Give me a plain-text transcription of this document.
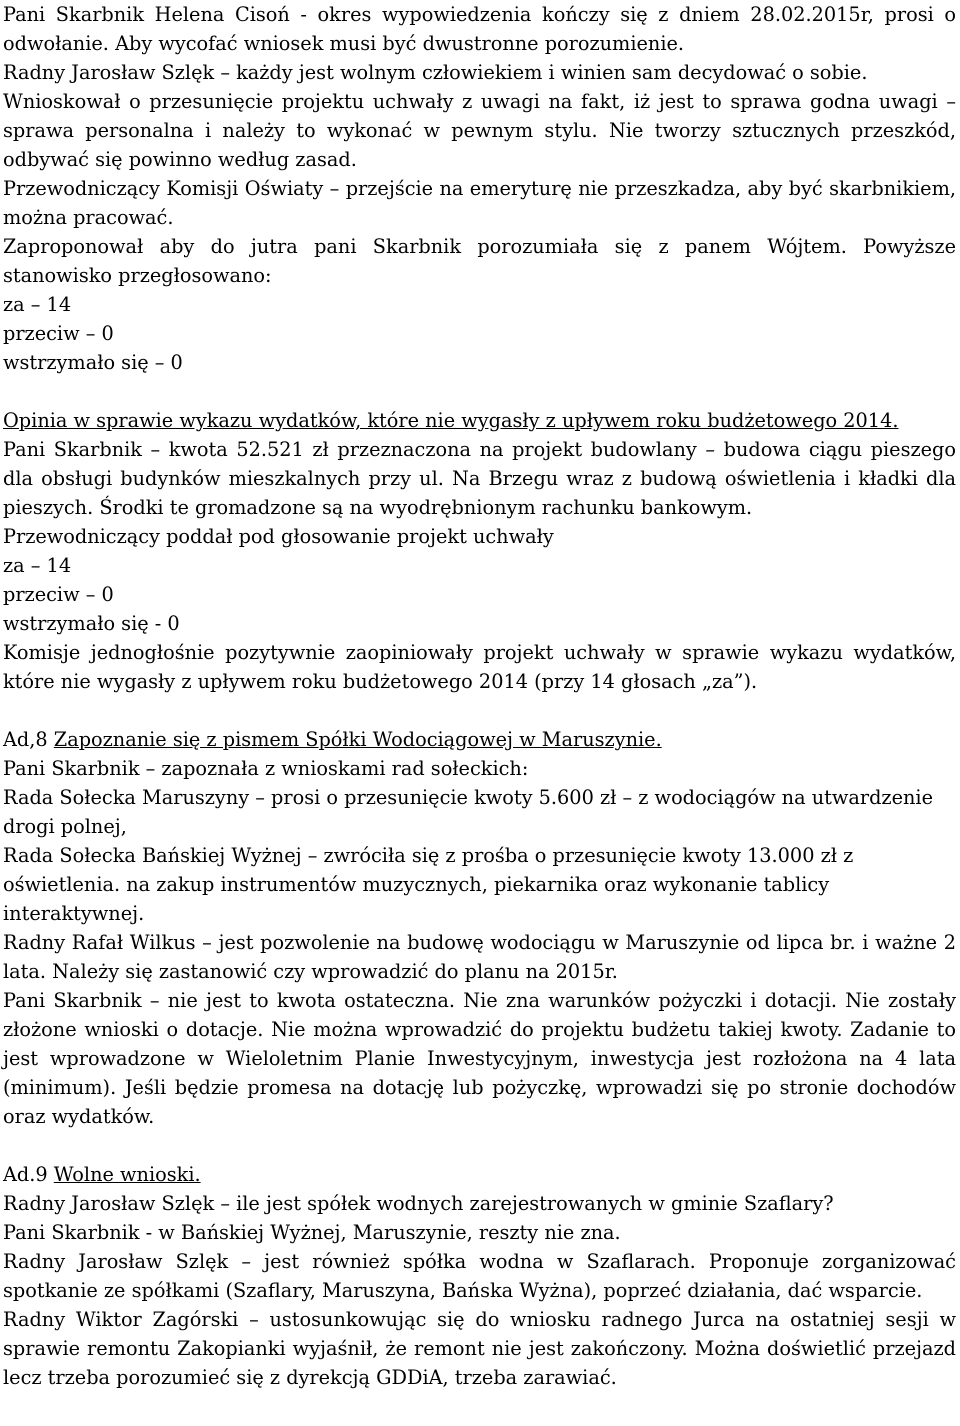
Pani Skarbnik Helena Cisoń - okres wypowiedzenia kończy się z dniem 28.02.2015r, prosi o odwołanie. Aby wycofać wniosek musi być dwustronne porozumienie.

Radny Jarosław Szlęk – każdy jest wolnym człowiekiem i winien sam decydować o sobie.

Wnioskował o przesunięcie projektu uchwały z uwagi na fakt, iż jest to sprawa godna uwagi – sprawa personalna i należy to wykonać w pewnym stylu. Nie tworzy sztucznych przeszkód, odbywać się powinno według zasad.

Przewodniczący Komisji Oświaty – przejście na emeryturę nie przeszkadza, aby być skarbnikiem, można pracować.

Zaproponował aby do jutra pani Skarbnik porozumiała się z panem Wójtem. Powyższe stanowisko przegłosowano:

za – 14

przeciw – 0

wstrzymało się – 0

Opinia w sprawie wykazu wydatków, które nie wygasły z upływem roku budżetowego 2014.

Pani Skarbnik – kwota 52.521 zł przeznaczona na projekt budowlany – budowa ciągu pieszego dla obsługi budynków mieszkalnych przy ul. Na Brzegu wraz z budową oświetlenia i kładki dla pieszych. Środki te gromadzone są na wyodrębnionym rachunku bankowym.

Przewodniczący poddał pod głosowanie projekt uchwały

za – 14

przeciw – 0

wstrzymało się - 0

Komisje jednogłośnie pozytywnie zaopiniowały projekt uchwały w sprawie wykazu wydatków, które nie wygasły z upływem roku budżetowego 2014 (przy 14 głosach „za”).

Ad,8 Zapoznanie się z pismem Spółki Wodociągowej w Maruszynie.

Pani Skarbnik – zapoznała z wnioskami rad sołeckich:

Rada Sołecka Maruszyny – prosi o przesunięcie kwoty 5.600 zł – z wodociągów na utwardzenie drogi polnej,

Rada Sołecka Bańskiej Wyżnej – zwróciła się z prośba o przesunięcie kwoty 13.000 zł z oświetlenia. na zakup instrumentów muzycznych, piekarnika oraz wykonanie tablicy interaktywnej.

Radny Rafał Wilkus – jest pozwolenie na budowę wodociągu w Maruszynie od lipca br. i ważne 2 lata. Należy się zastanowić czy wprowadzić do planu na 2015r.

Pani Skarbnik – nie jest to kwota ostateczna. Nie zna warunków pożyczki i dotacji. Nie zostały złożone wnioski o dotacje. Nie można wprowadzić do projektu budżetu takiej kwoty. Zadanie to jest wprowadzone w Wieloletnim Planie Inwestycyjnym, inwestycja jest rozłożona na 4 lata (minimum). Jeśli będzie promesa na dotację lub pożyczkę, wprowadzi się po stronie dochodów oraz wydatków.

Ad.9 Wolne wnioski.

Radny Jarosław Szlęk – ile jest spółek wodnych zarejestrowanych w gminie Szaflary?

Pani Skarbnik - w Bańskiej Wyżnej, Maruszynie, reszty nie zna.

Radny Jarosław Szlęk – jest również spółka wodna w Szaflarach. Proponuje zorganizować spotkanie ze spółkami (Szaflary, Maruszyna, Bańska Wyżna), poprzeć działania, dać wsparcie.

Radny Wiktor Zagórski – ustosunkowując się do wniosku radnego Jurca na ostatniej sesji w sprawie remontu Zakopianki wyjaśnił, że remont nie jest zakończony. Można doświetlić przejazd lecz trzeba porozumieć się z dyrekcją GDDiA, trzeba zarawiać.
